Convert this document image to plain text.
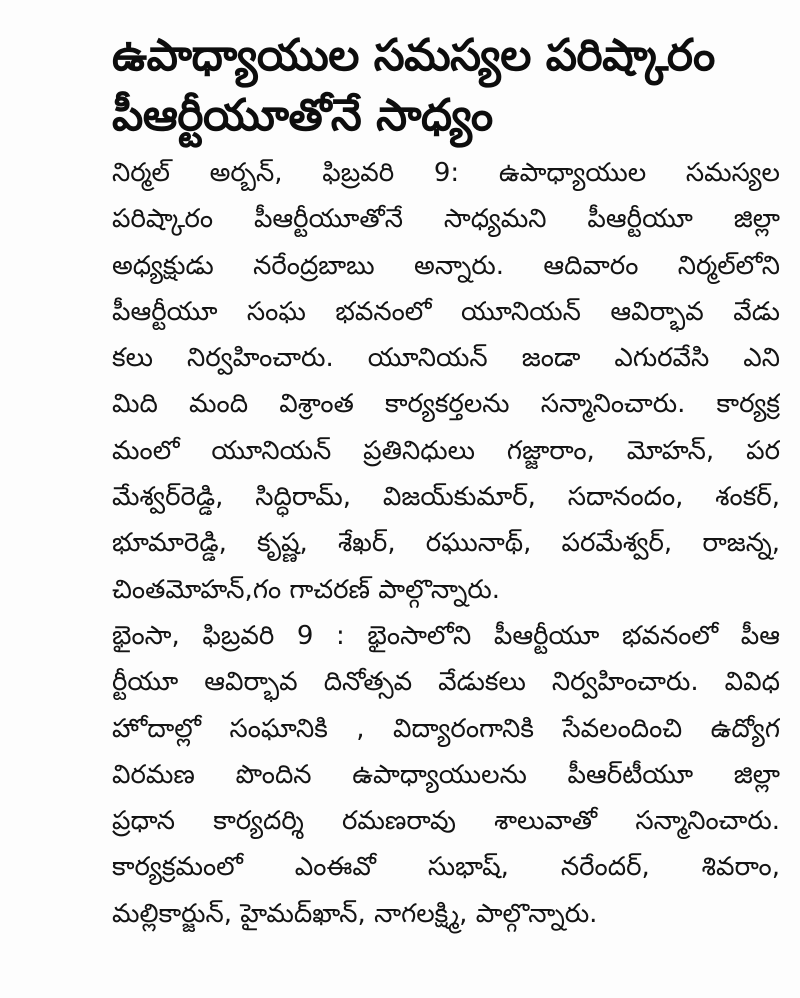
ఉపాధ్యాయుల సమస్యల పరిష్కారం
పీఆర్టీయూతోనే సాధ్యం
నిర్మల్ అర్బన్, ఫిబ్రవరి 9: ఉపాధ్యాయుల సమస్యల
పరిష్కారం పీఆర్టీయూతోనే సాధ్యమని పీఆర్టీయూ జిల్లా
అధ్యక్షుడు నరేంద్రబాబు అన్నారు. ఆదివారం నిర్మల్‌లోని
పీఆర్టీయూ సంఘ భవనంలో యూనియన్ ఆవిర్భావ వేడు
కలు నిర్వహించారు. యూనియన్ జండా ఎగురవేసి ఎని
మిది మంది విశ్రాంత కార్యకర్తలను సన్మానించారు. కార్యక్ర
మంలో యూనియన్ ప్రతినిధులు గజ్జారాం, మోహన్, పర
మేశ్వర్‌రెడ్డి, సిద్ధిరామ్, విజయ్‌కుమార్, సదానందం, శంకర్,
భూమారెడ్డి, కృష్ణ, శేఖర్, రఘునాథ్, పరమేశ్వర్, రాజన్న,
చింతమోహన్,గం గాచరణ్ పాల్గొన్నారు.
భైంసా, ఫిబ్రవరి 9 : భైంసాలోని పీఆర్టీయూ భవనంలో పీఆ
ర్టీయూ ఆవిర్భావ దినోత్సవ వేడుకలు నిర్వహించారు. వివిధ
హోదాల్లో సంఘానికి , విద్యారంగానికి సేవలందించి ఉద్యోగ
విరమణ పొందిన ఉపాధ్యాయులను పీఆర్‌టీయూ జిల్లా
ప్రధాన కార్యదర్శి రమణరావు శాలువాతో సన్మానించారు.
కార్యక్రమంలో ఎంఈవో సుభాష్, నరేందర్, శివరాం,
మల్లికార్జున్, హైమద్‌ఖాన్, నాగలక్ష్మి, పాల్గొన్నారు.
